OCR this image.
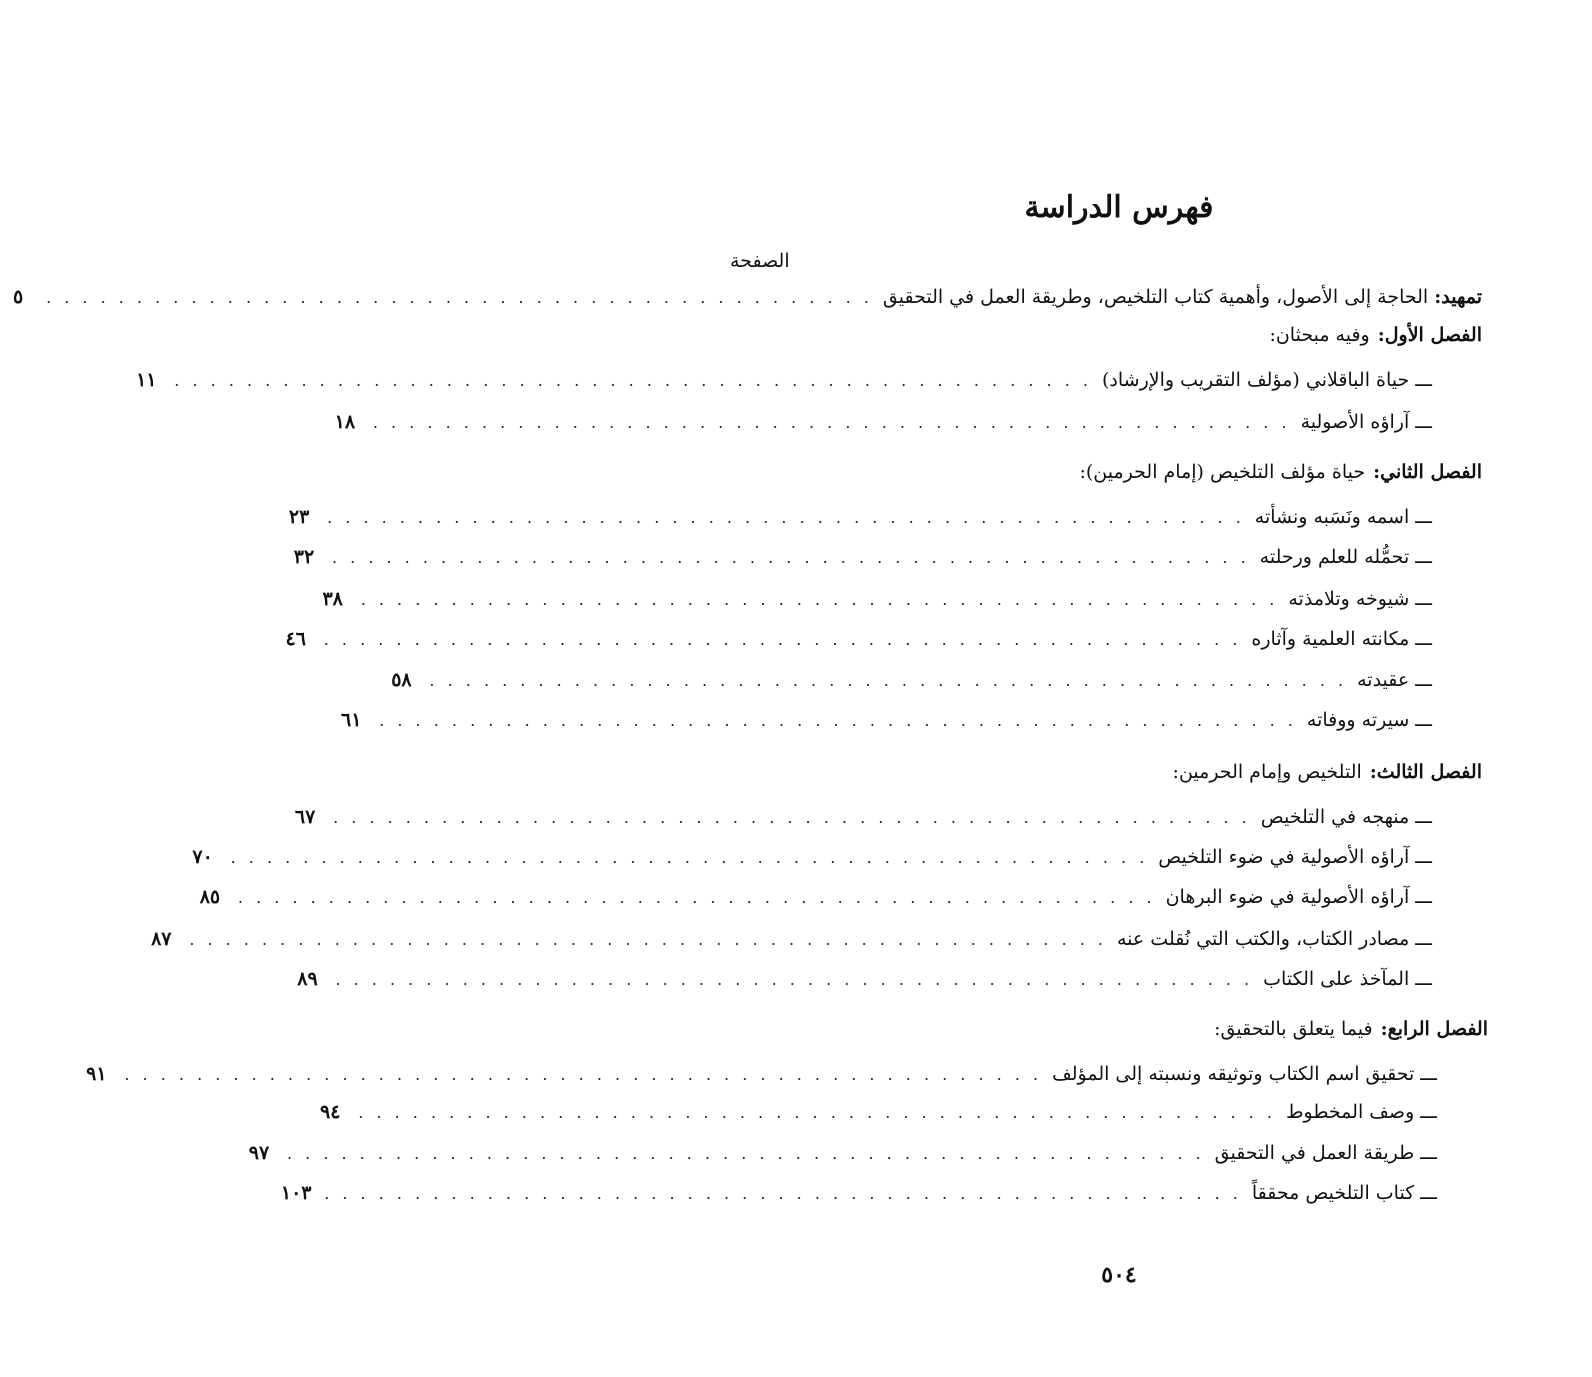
فهرس الدراسة
الصفحة
تمهيد: الحاجة إلى الأصول، وأهمية كتاب التلخيص، وطريقة العمل في التحقيق
. . . . . . . . . . . . . . . . . . . . . . . . . . . . . . . . . . . . . . . . . . . . . .
٥
الفصل الأول:
وفيه مبحثان:
ـــ حياة الباقلاني (مؤلف التقريب والإرشاد)
. . . . . . . . . . . . . . . . . . . . . . . . . . . . . . . . . . . . . . . . . . . . . . . . . . .
١١
ـــ آراؤه الأصولية
. . . . . . . . . . . . . . . . . . . . . . . . . . . . . . . . . . . . . . . . . . . . . . . . . . .
١٨
الفصل الثاني:
حياة مؤلف التلخيص (إمام الحرمين):
ـــ اسمه ونَسَبه ونشأته
. . . . . . . . . . . . . . . . . . . . . . . . . . . . . . . . . . . . . . . . . . . . . . . . . . .
٢٣
ـــ تحمُّله للعلم ورحلته
. . . . . . . . . . . . . . . . . . . . . . . . . . . . . . . . . . . . . . . . . . . . . . . . . . .
٣٢
ـــ شيوخه وتلامذته
. . . . . . . . . . . . . . . . . . . . . . . . . . . . . . . . . . . . . . . . . . . . . . . . . . .
٣٨
ـــ مكانته العلمية وآثاره
. . . . . . . . . . . . . . . . . . . . . . . . . . . . . . . . . . . . . . . . . . . . . . . . . . .
٤٦
ـــ عقيدته
. . . . . . . . . . . . . . . . . . . . . . . . . . . . . . . . . . . . . . . . . . . . . . . . . . .
٥٨
ـــ سيرته ووفاته
. . . . . . . . . . . . . . . . . . . . . . . . . . . . . . . . . . . . . . . . . . . . . . . . . . .
٦١
الفصل الثالث:
التلخيص وإمام الحرمين:
ـــ منهجه في التلخيص
. . . . . . . . . . . . . . . . . . . . . . . . . . . . . . . . . . . . . . . . . . . . . . . . . . .
٦٧
ـــ آراؤه الأصولية في ضوء التلخيص
. . . . . . . . . . . . . . . . . . . . . . . . . . . . . . . . . . . . . . . . . . . . . . . . . . .
٧٠
ـــ آراؤه الأصولية في ضوء البرهان
. . . . . . . . . . . . . . . . . . . . . . . . . . . . . . . . . . . . . . . . . . . . . . . . . . .
٨٥
ـــ مصادر الكتاب، والكتب التي نُقلت عنه
. . . . . . . . . . . . . . . . . . . . . . . . . . . . . . . . . . . . . . . . . . . . . . . . . . .
٨٧
ـــ المآخذ على الكتاب
. . . . . . . . . . . . . . . . . . . . . . . . . . . . . . . . . . . . . . . . . . . . . . . . . . .
٨٩
الفصل الرابع:
فيما يتعلق بالتحقيق:
ـــ تحقيق اسم الكتاب وتوثيقه ونسبته إلى المؤلف
. . . . . . . . . . . . . . . . . . . . . . . . . . . . . . . . . . . . . . . . . . . . . . . . . . .
٩١
ـــ وصف المخطوط
. . . . . . . . . . . . . . . . . . . . . . . . . . . . . . . . . . . . . . . . . . . . . . . . . . .
٩٤
ـــ طريقة العمل في التحقيق
. . . . . . . . . . . . . . . . . . . . . . . . . . . . . . . . . . . . . . . . . . . . . . . . . . .
٩٧
ـــ كتاب التلخيص محققاً
. . . . . . . . . . . . . . . . . . . . . . . . . . . . . . . . . . . . . . . . . . . . . . . . . . .
١٠٣
٥٠٤
